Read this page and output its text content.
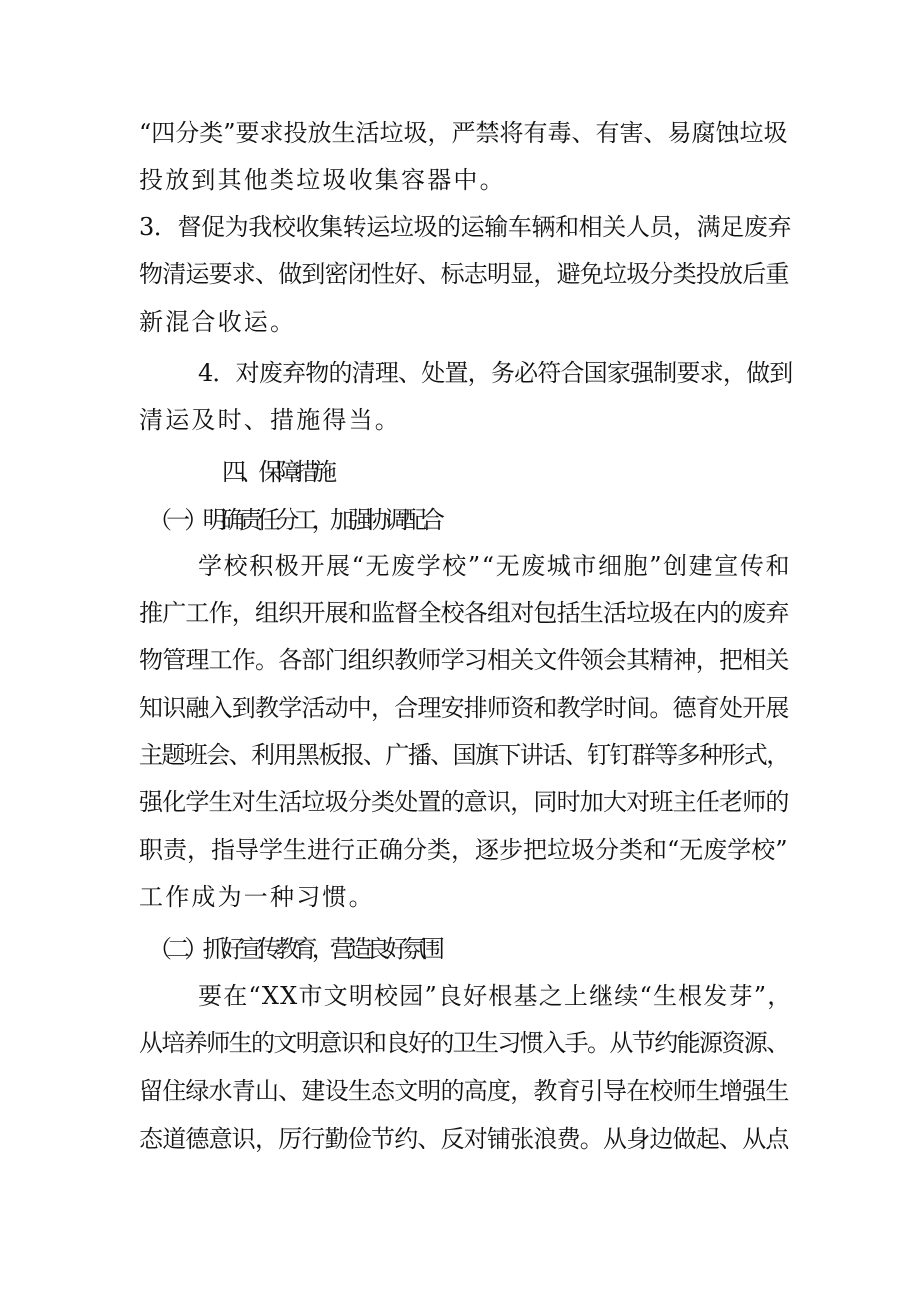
“四分类”要求投放生活垃圾，严禁将有毒、有害、易腐蚀垃圾
投放到其他类垃圾收集容器中。
3．督促为我校收集转运垃圾的运输车辆和相关人员，满足废弃
物清运要求、做到密闭性好、标志明显，避免垃圾分类投放后重
新混合收运。
4．对废弃物的清理、处置，务必符合国家强制要求，做到
清运及时、措施得当。
四、保障措施
（一）明确责任分工，加强协调配合
学校积极开展“无废学校”“无废城市细胞”创建宣传和
推广工作，组织开展和监督全校各组对包括生活垃圾在内的废弃
物管理工作。各部门组织教师学习相关文件领会其精神，把相关
知识融入到教学活动中，合理安排师资和教学时间。德育处开展
主题班会、利用黑板报、广播、国旗下讲话、钉钉群等多种形式，
强化学生对生活垃圾分类处置的意识，同时加大对班主任老师的
职责，指导学生进行正确分类，逐步把垃圾分类和“无废学校”
工作成为一种习惯。
（二）抓好宣传教育，营造良好氛围
要在“XX市文明校园”良好根基之上继续“生根发芽”，
从培养师生的文明意识和良好的卫生习惯入手。从节约能源资源、
留住绿水青山、建设生态文明的高度，教育引导在校师生增强生
态道德意识，厉行勤俭节约、反对铺张浪费。从身边做起、从点
